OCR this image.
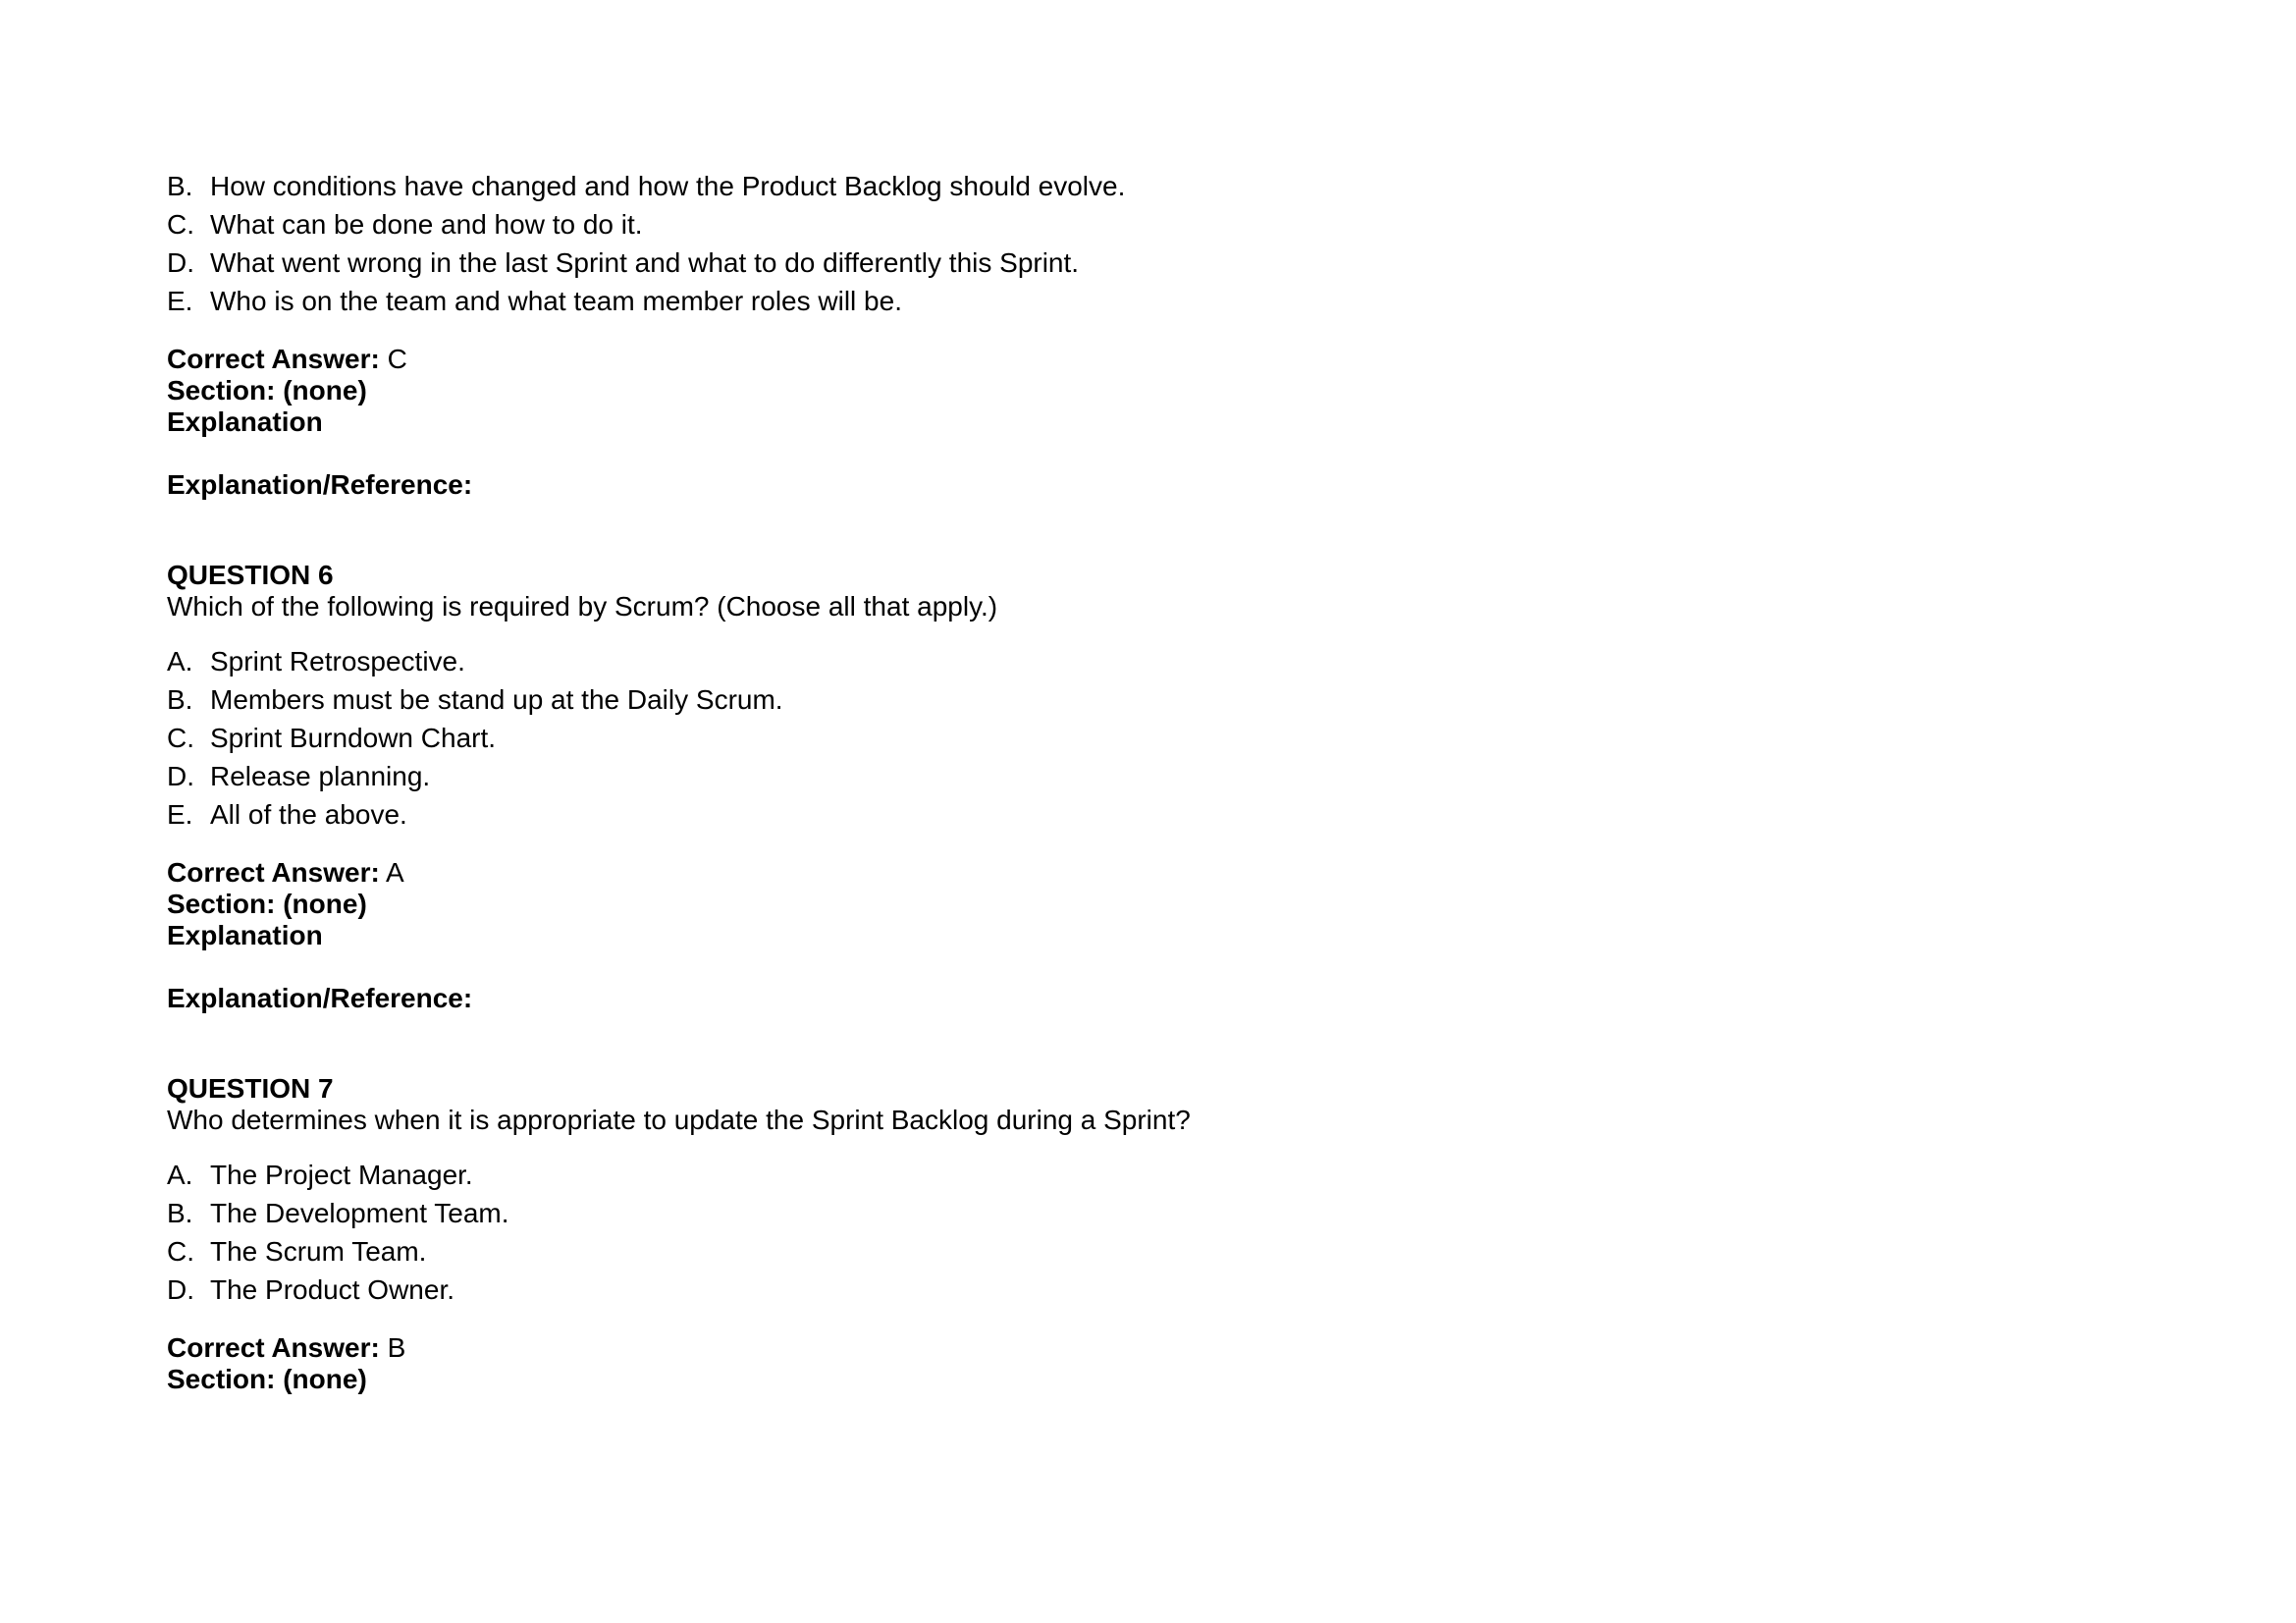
B. How conditions have changed and how the Product Backlog should evolve.
C. What can be done and how to do it.
D. What went wrong in the last Sprint and what to do differently this Sprint.
E. Who is on the team and what team member roles will be.
Correct Answer: C
Section: (none)
Explanation
Explanation/Reference:
QUESTION 6
Which of the following is required by Scrum? (Choose all that apply.)
A. Sprint Retrospective.
B. Members must be stand up at the Daily Scrum.
C. Sprint Burndown Chart.
D. Release planning.
E. All of the above.
Correct Answer: A
Section: (none)
Explanation
Explanation/Reference:
QUESTION 7
Who determines when it is appropriate to update the Sprint Backlog during a Sprint?
A. The Project Manager.
B. The Development Team.
C. The Scrum Team.
D. The Product Owner.
Correct Answer: B
Section: (none)
